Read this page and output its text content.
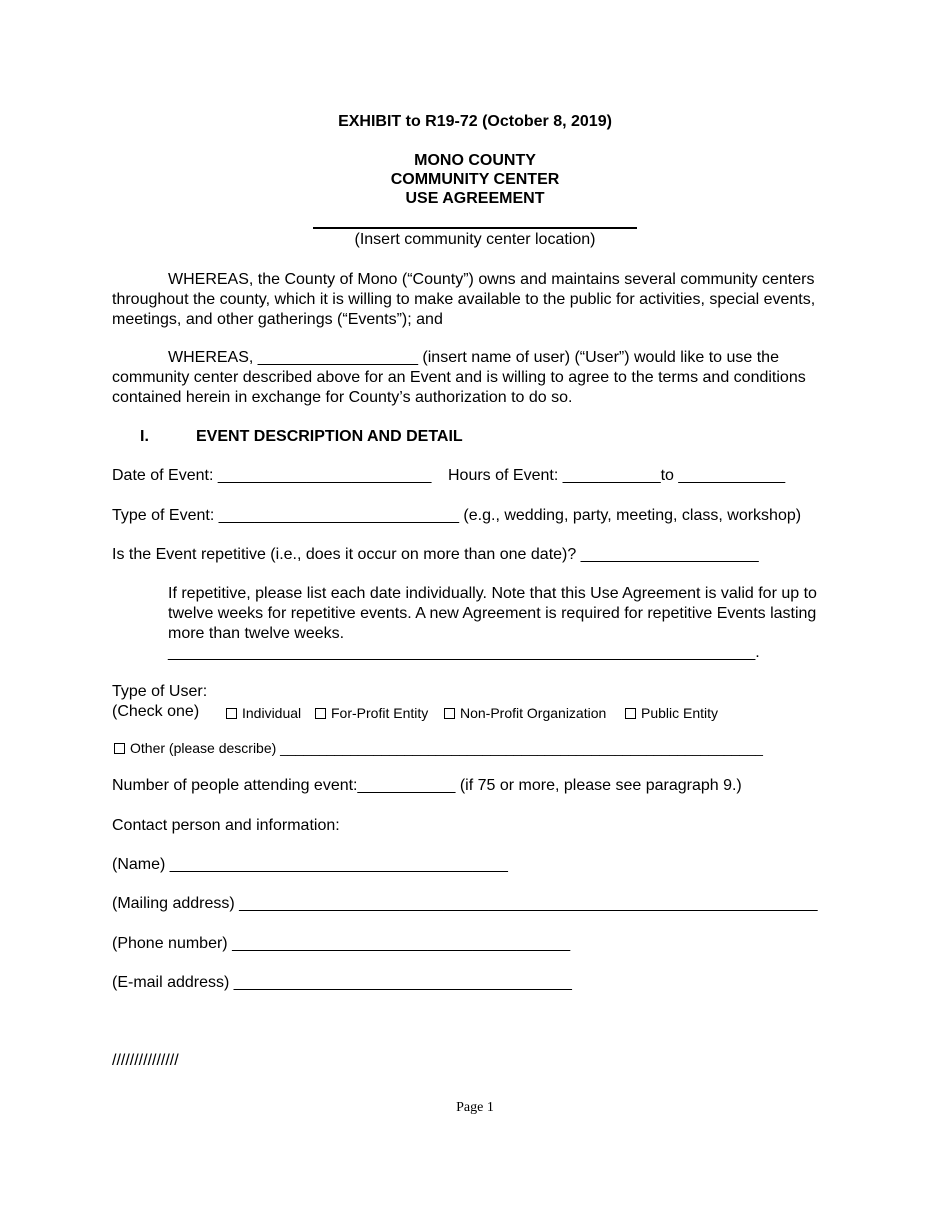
EXHIBIT to R19-72 (October 8, 2019)
MONO COUNTY
COMMUNITY CENTER
USE AGREEMENT
(Insert community center location)
WHEREAS, the County of Mono (“County”) owns and maintains several community centers throughout the county, which it is willing to make available to the public for activities, special events, meetings, and other gatherings (“Events”); and
WHEREAS, __________________ (insert name of user) (“User”) would like to use the community center described above for an Event and is willing to agree to the terms and conditions contained herein in exchange for County’s authorization to do so.
I.	EVENT DESCRIPTION AND DETAIL
Date of Event: ________________________ Hours of Event: ___________to ____________
Type of Event: ___________________________ (e.g., wedding, party, meeting, class, workshop)
Is the Event repetitive (i.e., does it occur on more than one date)? ____________________
If repetitive, please list each date individually. Note that this Use Agreement is valid for up to twelve weeks for repetitive events. A new Agreement is required for repetitive Events lasting more than twelve weeks.
__________________________________________________________________.
Type of User:
(Check one)	Individual	For-Profit Entity	Non-Profit Organization	Public Entity
Other (please describe) ______________________________________________________________
Number of people attending event:___________ (if 75 or more, please see paragraph 9.)
Contact person and information:
(Name) ______________________________________
(Mailing address) _________________________________________________________________
(Phone number) ______________________________________
(E-mail address) ______________________________________
///////////////
Page 1
